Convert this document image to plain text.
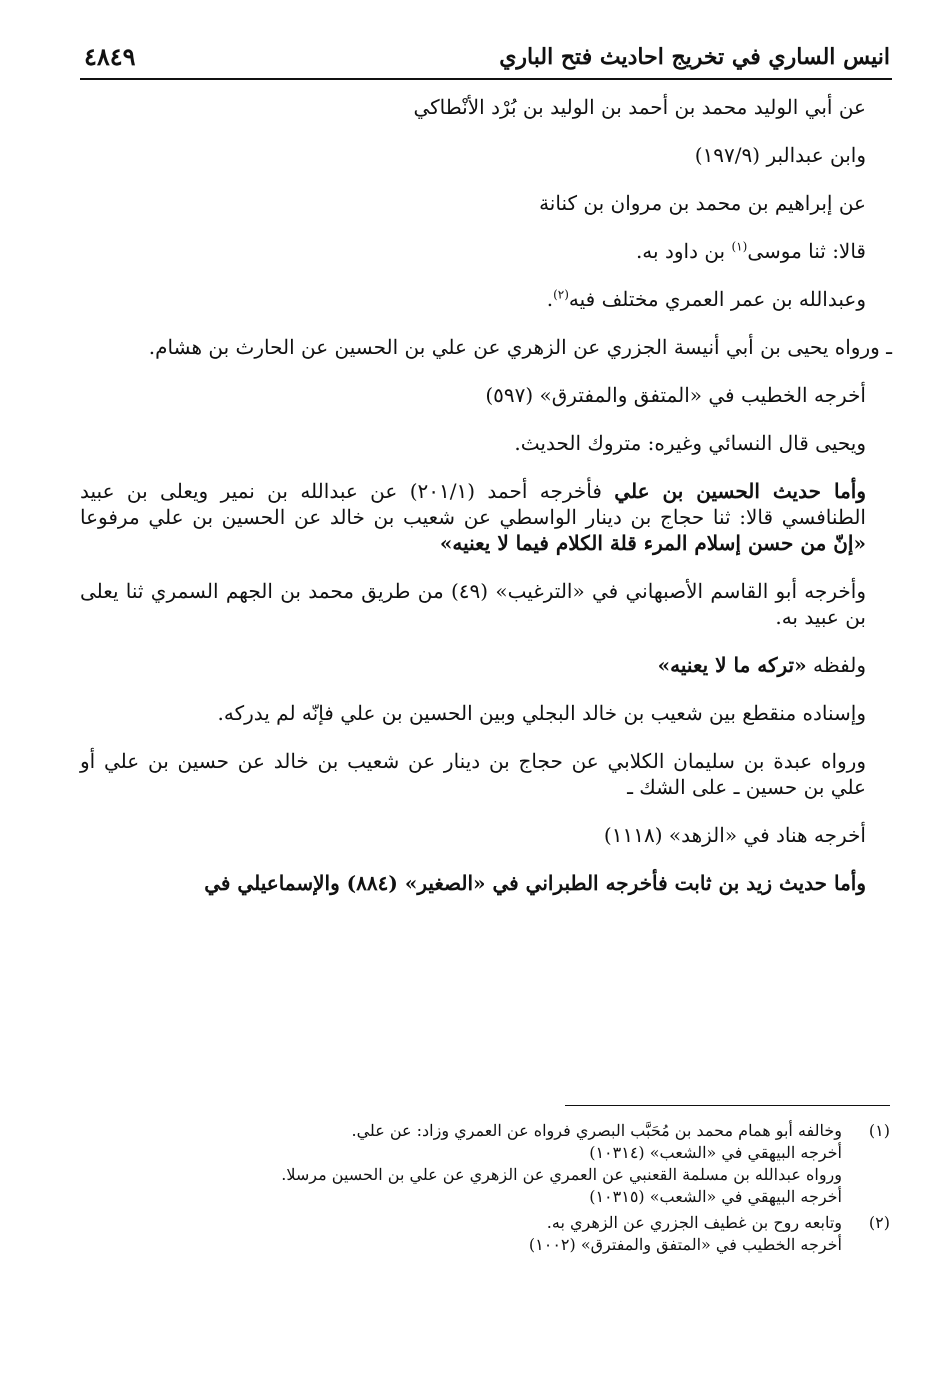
انيس الساري في تخريج احاديث فتح الباري
٤٨٤٩

عن أبي الوليد محمد بن أحمد بن الوليد بن بُرْد الأنْطاكي

وابن عبدالبر (١٩٧/٩)

عن إبراهيم بن محمد بن مروان بن كنانة

قالا: ثنا موسى$^{(١)}$ بن داود به.

وعبدالله بن عمر العمري مختلف فيه$^{(٢)}$.

ـ ورواه يحيى بن أبي أنيسة الجزري عن الزهري عن علي بن الحسين عن الحارث بن هشام.

أخرجه الخطيب في «المتفق والمفترق» (٥٩٧)

ويحيى قال النسائي وغيره: متروك الحديث.

وأما حديث الحسين بن علي فأخرجه أحمد (٢٠١/١) عن عبدالله بن نمير ويعلى بن عبيد الطنافسي قالا: ثنا حجاج بن دينار الواسطي عن شعيب بن خالد عن الحسين بن علي مرفوعا «إنّ من حسن إسلام المرء قلة الكلام فيما لا يعنيه»

وأخرجه أبو القاسم الأصبهاني في «الترغيب» (٤٩) من طريق محمد بن الجهم السمري ثنا يعلى بن عبيد به.

ولفظه «تركه ما لا يعنيه»

وإسناده منقطع بين شعيب بن خالد البجلي وبين الحسين بن علي فإنّه لم يدركه.

ورواه عبدة بن سليمان الكلابي عن حجاج بن دينار عن شعيب بن خالد عن حسين بن علي أو علي بن حسين ـ على الشك ـ

أخرجه هناد في «الزهد» (١١١٨)

وأما حديث زيد بن ثابت فأخرجه الطبراني في «الصغير» (٨٨٤) والإسماعيلي في

(١)
وخالفه أبو همام محمد بن مُحَبَّب البصري فرواه عن العمري وزاد: عن علي.
أخرجه البيهقي في «الشعب» (١٠٣١٤)
ورواه عبدالله بن مسلمة القعنبي عن العمري عن الزهري عن علي بن الحسين مرسلا.
أخرجه البيهقي في «الشعب» (١٠٣١٥)
(٢)
وتابعه روح بن غطيف الجزري عن الزهري به.
أخرجه الخطيب في «المتفق والمفترق» (١٠٠٢)
